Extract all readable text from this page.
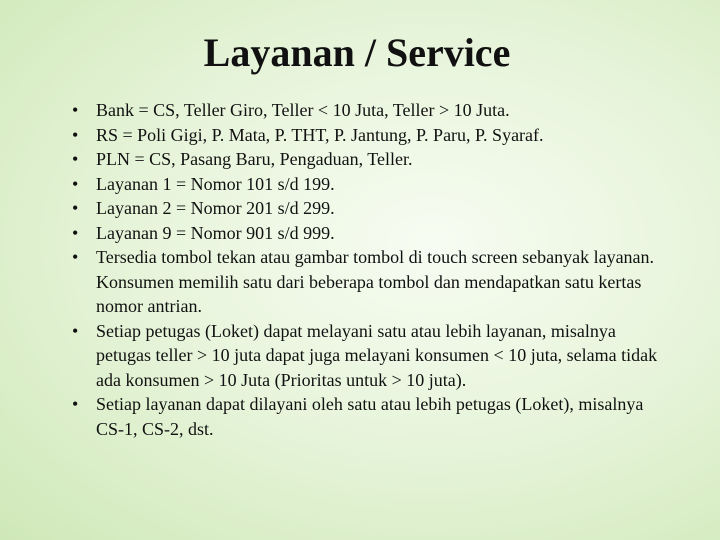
Layanan / Service
• Bank = CS, Teller Giro, Teller < 10 Juta, Teller > 10 Juta.
• RS = Poli Gigi, P. Mata, P. THT, P. Jantung, P. Paru, P. Syaraf.
• PLN = CS, Pasang Baru, Pengaduan, Teller.
• Layanan 1 = Nomor 101 s/d 199.
• Layanan 2 = Nomor 201 s/d 299.
• Layanan 9 = Nomor 901 s/d 999.
• Tersedia tombol tekan atau gambar tombol di touch screen sebanyak layanan. Konsumen memilih satu dari beberapa tombol dan mendapatkan satu kertas nomor antrian.
• Setiap petugas (Loket) dapat melayani satu atau lebih layanan, misalnya petugas teller > 10 juta dapat juga melayani konsumen < 10 juta, selama tidak ada konsumen > 10 Juta (Prioritas untuk > 10 juta).
• Setiap layanan dapat dilayani oleh satu atau lebih petugas (Loket), misalnya CS-1, CS-2, dst.
